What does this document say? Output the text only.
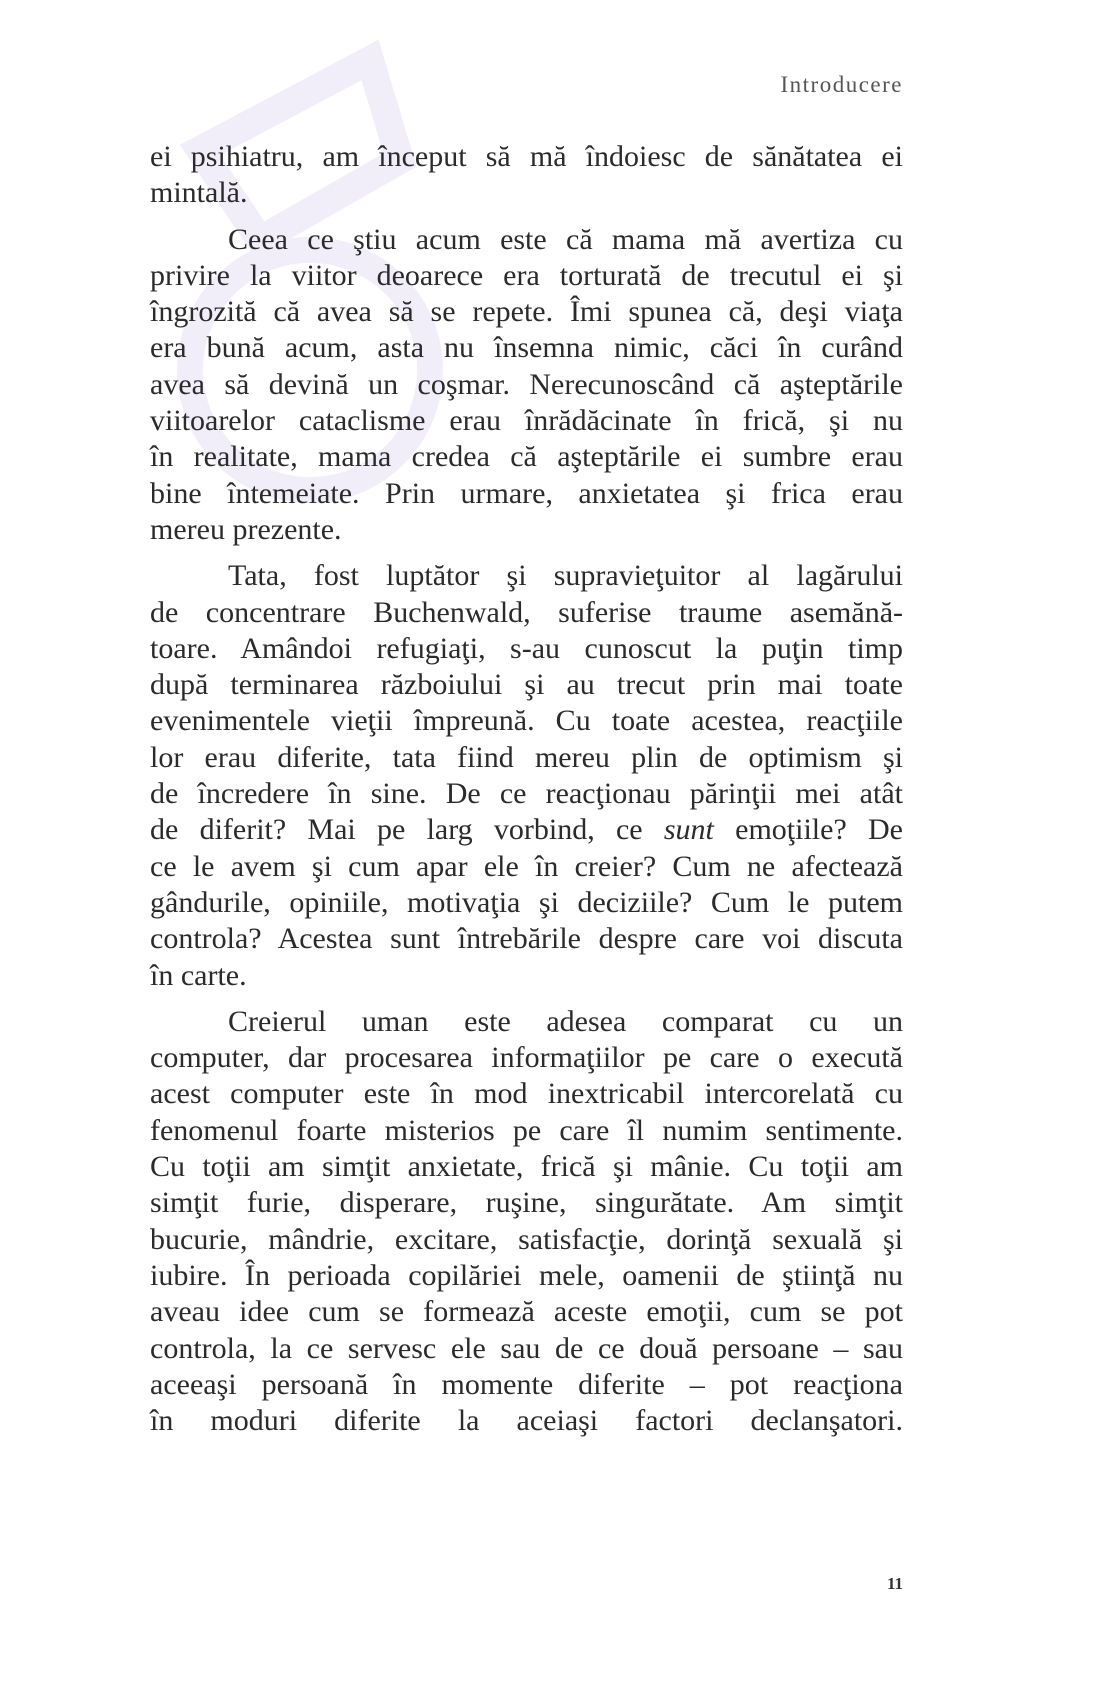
Introducere
ei psihiatru, am început să mă îndoiesc de sănătatea ei
mintală.
Ceea ce ştiu acum este că mama mă avertiza cu
privire la viitor deoarece era torturată de trecutul ei şi
îngrozită că avea să se repete. Îmi spunea că, deşi viaţa
era bună acum, asta nu însemna nimic, căci în curând
avea să devină un coşmar. Nerecunoscând că aşteptările
viitoarelor cataclisme erau înrădăcinate în frică, şi nu
în realitate, mama credea că aşteptările ei sumbre erau
bine întemeiate. Prin urmare, anxietatea şi frica erau
mereu prezente.
Tata, fost luptător şi supravieţuitor al lagărului
de concentrare Buchenwald, suferise traume asemănă-
toare. Amândoi refugiaţi, s-au cunoscut la puţin timp
după terminarea războiului şi au trecut prin mai toate
evenimentele vieţii împreună. Cu toate acestea, reacţiile
lor erau diferite, tata fiind mereu plin de optimism şi
de încredere în sine. De ce reacţionau părinţii mei atât
de diferit? Mai pe larg vorbind, ce sunt emoţiile? De
ce le avem şi cum apar ele în creier? Cum ne afectează
gândurile, opiniile, motivaţia şi deciziile? Cum le putem
controla? Acestea sunt întrebările despre care voi discuta
în carte.
Creierul uman este adesea comparat cu un
computer, dar procesarea informaţiilor pe care o execută
acest computer este în mod inextricabil intercorelată cu
fenomenul foarte misterios pe care îl numim sentimente.
Cu toţii am simţit anxietate, frică şi mânie. Cu toţii am
simţit furie, disperare, ruşine, singurătate. Am simţit
bucurie, mândrie, excitare, satisfacţie, dorinţă sexuală şi
iubire. În perioada copilăriei mele, oamenii de ştiinţă nu
aveau idee cum se formează aceste emoţii, cum se pot
controla, la ce servesc ele sau de ce două persoane – sau
aceeaşi persoană în momente diferite – pot reacţiona
în moduri diferite la aceiaşi factori declanşatori.
11
